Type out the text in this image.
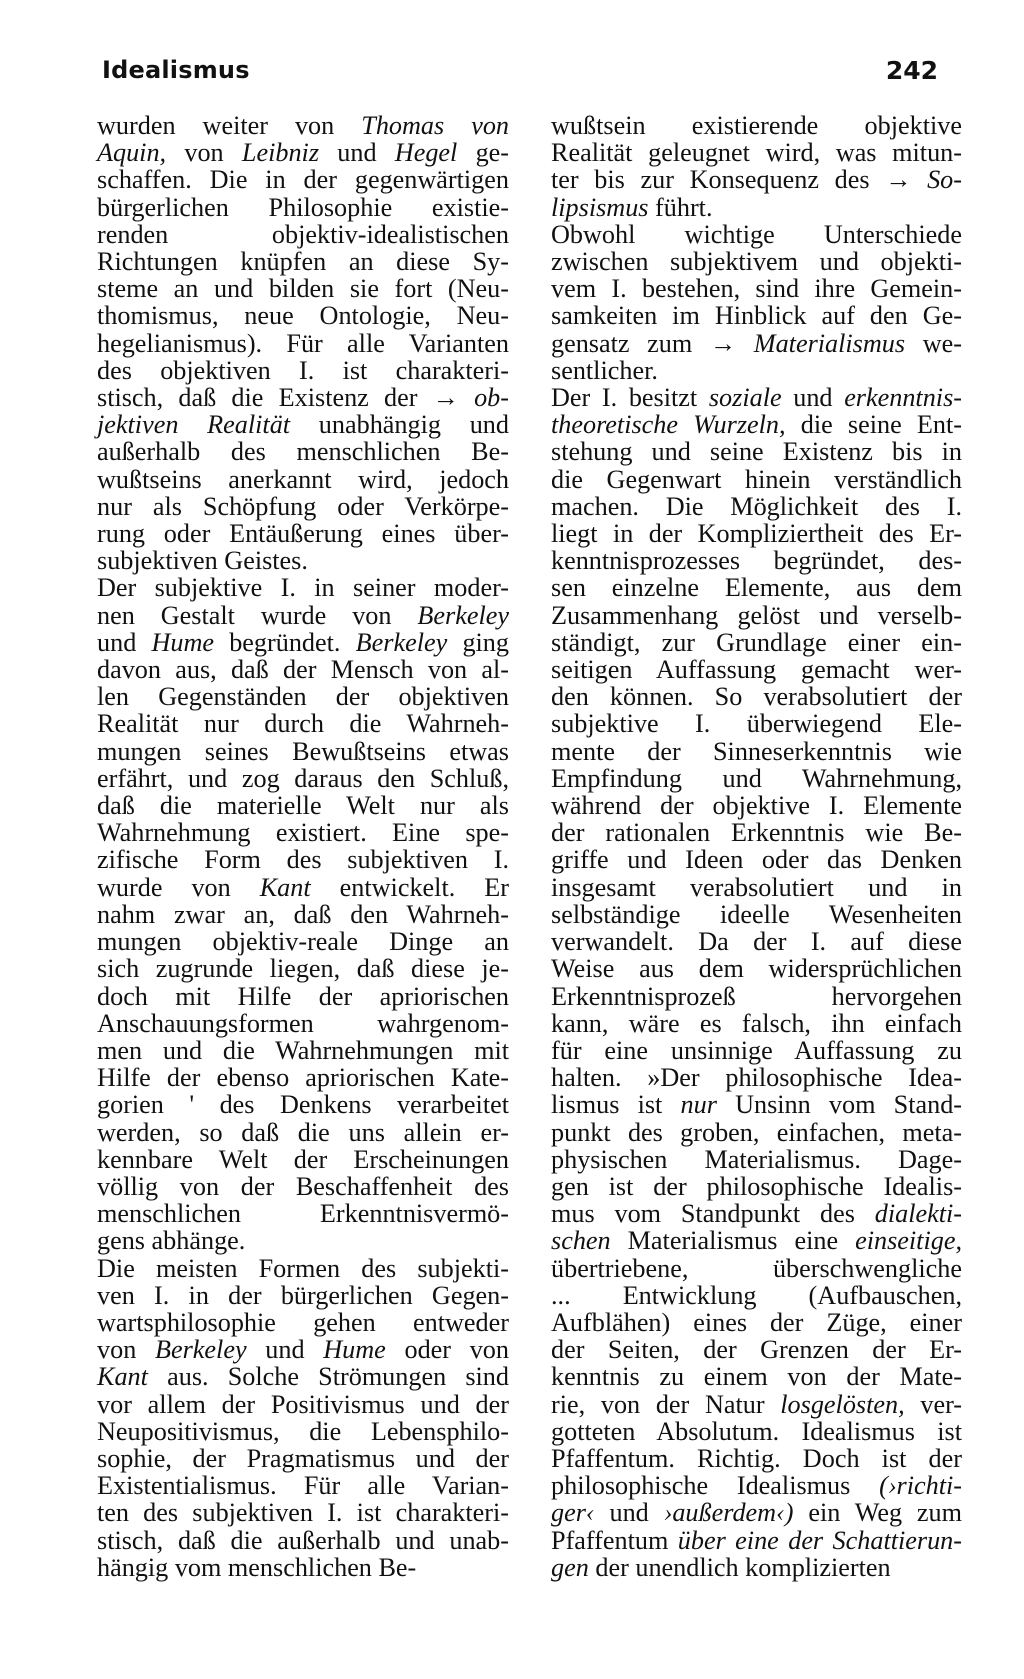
Idealismus	242

wurden weiter von Thomas von
Aquin, von Leibniz und Hegel ge-
schaffen. Die in der gegenwärtigen
bürgerlichen Philosophie existie-
renden objektiv-idealistischen
Richtungen knüpfen an diese Sy-
steme an und bilden sie fort (Neu-
thomismus, neue Ontologie, Neu-
hegelianismus). Für alle Varianten
des objektiven I. ist charakteri-
stisch, daß die Existenz der → ob-
jektiven Realität unabhängig und
außerhalb des menschlichen Be-
wußtseins anerkannt wird, jedoch
nur als Schöpfung oder Verkörpe-
rung oder Entäußerung eines über-
subjektiven Geistes.
Der subjektive I. in seiner moder-
nen Gestalt wurde von Berkeley
und Hume begründet. Berkeley ging
davon aus, daß der Mensch von al-
len Gegenständen der objektiven
Realität nur durch die Wahrneh-
mungen seines Bewußtseins etwas
erfährt, und zog daraus den Schluß,
daß die materielle Welt nur als
Wahrnehmung existiert. Eine spe-
zifische Form des subjektiven I.
wurde von Kant entwickelt. Er
nahm zwar an, daß den Wahrneh-
mungen objektiv-reale Dinge an
sich zugrunde liegen, daß diese je-
doch mit Hilfe der apriorischen
Anschauungsformen wahrgenom-
men und die Wahrnehmungen mit
Hilfe der ebenso apriorischen Kate-
gorien ' des Denkens verarbeitet
werden, so daß die uns allein er-
kennbare Welt der Erscheinungen
völlig von der Beschaffenheit des
menschlichen Erkenntnisvermö-
gens abhänge.
Die meisten Formen des subjekti-
ven I. in der bürgerlichen Gegen-
wartsphilosophie gehen entweder
von Berkeley und Hume oder von
Kant aus. Solche Strömungen sind
vor allem der Positivismus und der
Neupositivismus, die Lebensphilo-
sophie, der Pragmatismus und der
Existentialismus. Für alle Varian-
ten des subjektiven I. ist charakteri-
stisch, daß die außerhalb und unab-
hängig vom menschlichen Be-

wußtsein existierende objektive
Realität geleugnet wird, was mitun-
ter bis zur Konsequenz des → So-
lipsismus führt.
Obwohl wichtige Unterschiede
zwischen subjektivem und objekti-
vem I. bestehen, sind ihre Gemein-
samkeiten im Hinblick auf den Ge-
gensatz zum → Materialismus we-
sentlicher.
Der I. besitzt soziale und erkenntnis-
theoretische Wurzeln, die seine Ent-
stehung und seine Existenz bis in
die Gegenwart hinein verständlich
machen. Die Möglichkeit des I.
liegt in der Kompliziertheit des Er-
kenntnisprozesses begründet, des-
sen einzelne Elemente, aus dem
Zusammenhang gelöst und verselb-
ständigt, zur Grundlage einer ein-
seitigen Auffassung gemacht wer-
den können. So verabsolutiert der
subjektive I. überwiegend Ele-
mente der Sinneserkenntnis wie
Empfindung und Wahrnehmung,
während der objektive I. Elemente
der rationalen Erkenntnis wie Be-
griffe und Ideen oder das Denken
insgesamt verabsolutiert und in
selbständige ideelle Wesenheiten
verwandelt. Da der I. auf diese
Weise aus dem widersprüchlichen
Erkenntnisprozeß hervorgehen
kann, wäre es falsch, ihn einfach
für eine unsinnige Auffassung zu
halten. »Der philosophische Idea-
lismus ist nur Unsinn vom Stand-
punkt des groben, einfachen, meta-
physischen Materialismus. Dage-
gen ist der philosophische Idealis-
mus vom Standpunkt des dialekti-
schen Materialismus eine einseitige,
übertriebene, überschwengliche
... Entwicklung (Aufbauschen,
Aufblähen) eines der Züge, einer
der Seiten, der Grenzen der Er-
kenntnis zu einem von der Mate-
rie, von der Natur losgelösten, ver-
gotteten Absolutum. Idealismus ist
Pfaffentum. Richtig. Doch ist der
philosophische Idealismus (›richti-
ger‹ und ›außerdem‹) ein Weg zum
Pfaffentum über eine der Schattierun-
gen der unendlich komplizierten
